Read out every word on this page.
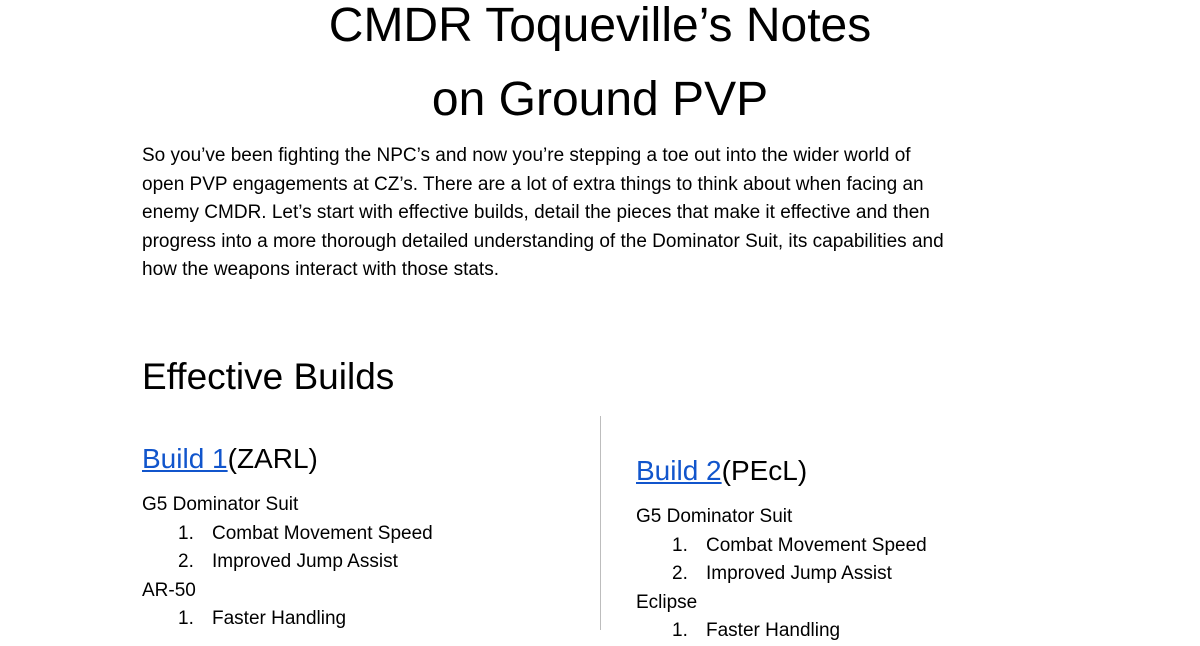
CMDR Toqueville’s Notes
on Ground PVP
So you’ve been fighting the NPC’s and now you’re stepping a toe out into the wider world of
open PVP engagements at CZ’s. There are a lot of extra things to think about when facing an
enemy CMDR. Let’s start with effective builds, detail the pieces that make it effective and then
progress into a more thorough detailed understanding of the Dominator Suit, its capabilities and
how the weapons interact with those stats.
Effective Builds
Build 1(ZARL)
G5 Dominator Suit
1. Combat Movement Speed
2. Improved Jump Assist
AR-50
1. Faster Handling
Build 2(PEcL)
G5 Dominator Suit
1. Combat Movement Speed
2. Improved Jump Assist
Eclipse
1. Faster Handling
